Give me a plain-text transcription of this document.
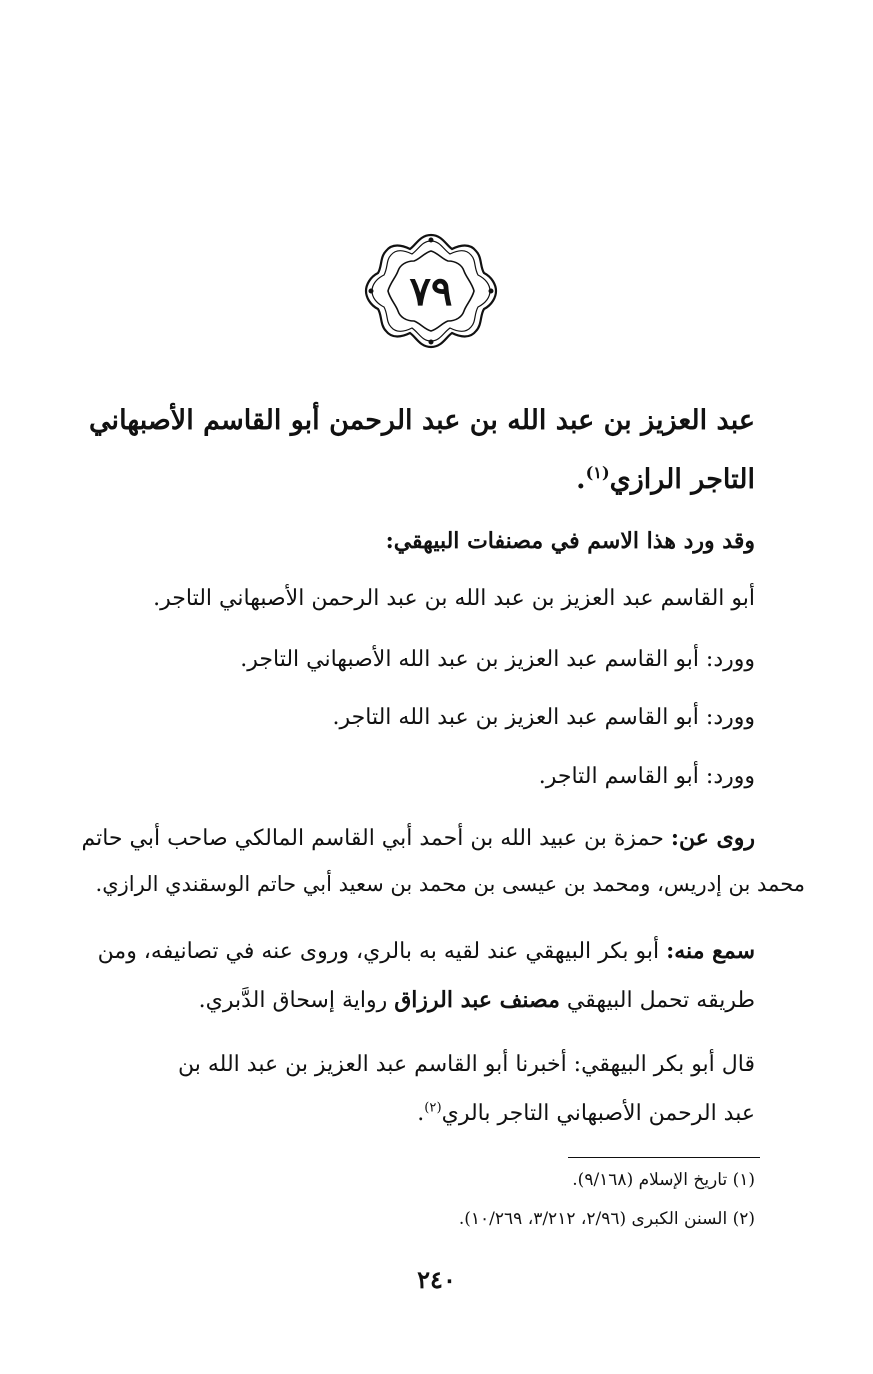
٧٩
عبد العزيز بن عبد الله بن عبد الرحمن أبو القاسم الأصبهاني
التاجر الرازي$^{(١)}$.
وقد ورد هذا الاسم في مصنفات البيهقي:
أبو القاسم عبد العزيز بن عبد الله بن عبد الرحمن الأصبهاني التاجر.
وورد: أبو القاسم عبد العزيز بن عبد الله الأصبهاني التاجر.
وورد: أبو القاسم عبد العزيز بن عبد الله التاجر.
وورد: أبو القاسم التاجر.
روى عن: حمزة بن عبيد الله بن أحمد أبي القاسم المالكي صاحب أبي حاتم
محمد بن إدريس، ومحمد بن عيسى بن محمد بن سعيد أبي حاتم الوسقندي الرازي.
سمع منه: أبو بكر البيهقي عند لقيه به بالري، وروى عنه في تصانيفه، ومن
طريقه تحمل البيهقي مصنف عبد الرزاق رواية إسحاق الدَّبري.
قال أبو بكر البيهقي: أخبرنا أبو القاسم عبد العزيز بن عبد الله بن
عبد الرحمن الأصبهاني التاجر بالري$^{(٢)}$.
(١) تاريخ الإسلام (٩/١٦٨).
(٢) السنن الكبرى (٢/٩٦، ٣/٢١٢، ١٠/٢٦٩).
٢٤٠
